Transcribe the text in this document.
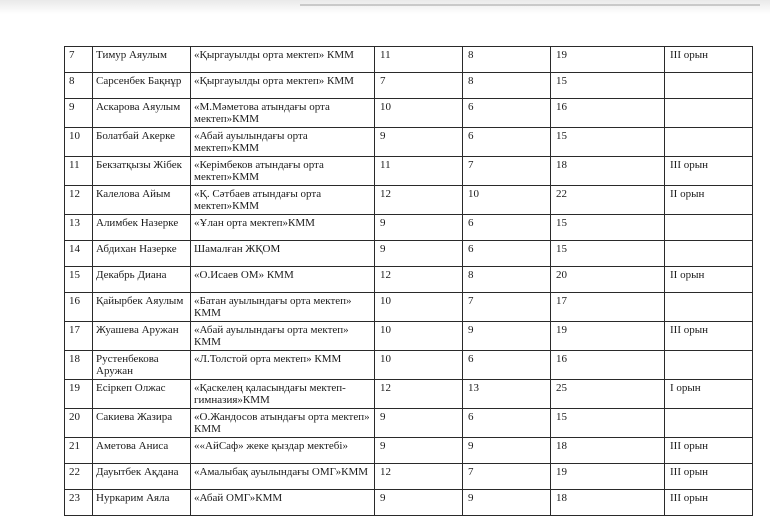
7	Тимур Аяулым	«Қыргауылды орта мектеп» КММ	11	8	19	ІІІ орын
8	Сарсенбек Бақнұр	«Қыргауылды орта мектеп» КММ	7	8	15	
9	Аскарова Аяулым	«М.Мәметова атындағы орта мектеп»КММ	10	6	16	
10	Болатбай Акерке	«Абай ауылындағы орта мектеп»КММ	9	6	15	
11	Бекзатқызы Жібек	«Керімбеков атындағы орта мектеп»КММ	11	7	18	ІІІ орын
12	Калелова Айым	«Қ. Сәтбаев атындағы орта мектеп»КММ	12	10	22	ІІ орын
13	Алимбек Назерке	«Ұлан орта мектеп»КММ	9	6	15	
14	Абдихан Назерке	Шамалған ЖҚОМ	9	6	15	
15	Декабрь Диана	«О.Исаев ОМ» КММ	12	8	20	ІІ орын
16	Қайырбек Аяулым	«Батан ауылындағы орта мектеп» КММ	10	7	17	
17	Жуашева Аружан	«Абай ауылындағы орта мектеп» КММ	10	9	19	ІІІ орын
18	Рустенбекова Аружан	«Л.Толстой орта мектеп» КММ	10	6	16	
19	Есіркеп Олжас	«Қаскелең қаласындағы мектеп-гимназия»КММ	12	13	25	І орын
20	Сакиева Жазира	«О.Жандосов атындағы орта мектеп» КММ	9	6	15	
21	Аметова Аниса	««АйСаф» жеке қыздар мектебі»	9	9	18	ІІІ орын
22	Дауытбек Ақдана	«Амалыбақ ауылындағы ОМГ»КММ	12	7	19	ІІІ орын
23	Нуркарим Аяла	«Абай ОМГ»КММ	9	9	18	ІІІ орын
